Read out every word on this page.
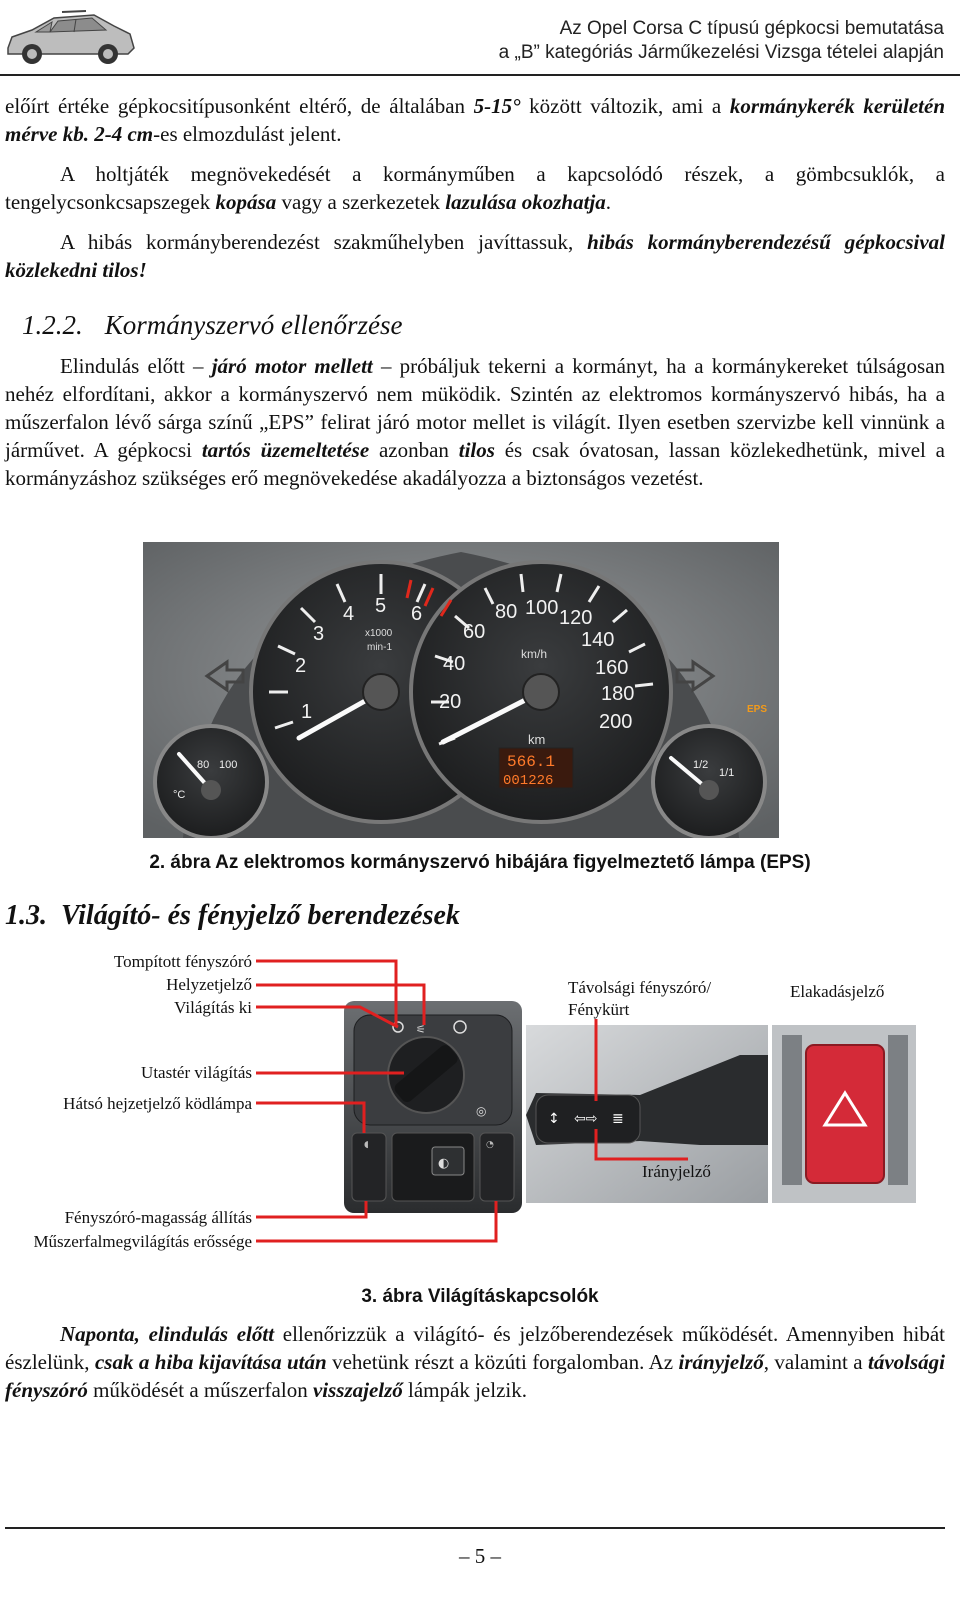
Az Opel Corsa C típusú gépkocsi bemutatása
a „B” kategóriás Járműkezelési Vizsga tételei alapján

előírt értéke gépkocsitípusonként eltérő, de általában 5-15° között változik, ami a kormánykerék kerületén mérve kb. 2-4 cm-es elmozdulást jelent.

A holtjáték megnövekedését a kormányműben a kapcsolódó részek, a gömbcsuklók, a tengelycsonkcsapszegek kopása vagy a szerkezetek lazulása okozhatja.

A hibás kormányberendezést szakműhelyben javíttassuk, hibás kormányberendezésű gépkocsival közlekedni tilos!

1.2.2. Kormányszervó ellenőrzése

Elindulás előtt – járó motor mellett – próbáljuk tekerni a kormányt, ha a kormánykereket túlságosan nehéz elfordítani, akkor a kormányszervó nem müködik. Szintén az elektromos kormányszervó hibás, ha a műszerfalon lévő sárga színű „EPS” felirat járó motor mellet is világít. Ilyen esetben szervizbe kell vinnünk a járművet. A gépkocsi tartós üzemeltetése azonban tilos és csak óvatosan, lassan közlekedhetünk, mivel a kormányzáshoz szükséges erő megnövekedése akadályozza a biztonságos vezetést.

1
2
3
4 5 6
x1000
min-1
20
40
60
80 100 120
140
160
180
200
km/h
km
566.1
001226
80 100
°C
1/2
1/1
EPS
2. ábra Az elektromos kormányszervó hibájára figyelmeztető lámpa (EPS)
1.3. Világító- és fényjelző berendezések
⚟
◎
◐
◖	◔
↕ ⇦⇨ ≣
Tompított fényszóró
Helyzetjelző
Világítás ki
Utastér világítás
Hátsó hejzetjelző ködlámpa
Fényszóró-magasság állítás
Műszerfalmegvilágítás erőssége
Távolsági fényszóró/
Fénykürt
Irányjelző
Elakadásjelző
3. ábra Világításkapcsolók

Naponta, elindulás előtt ellenőrizzük a világító- és jelzőberendezések működését. Amennyiben hibát észlelünk, csak a hiba kijavítása után vehetünk részt a közúti forgalomban. Az irányjelző, valamint a távolsági fényszóró működését a műszerfalon visszajelző lámpák jelzik.

– 5 –
